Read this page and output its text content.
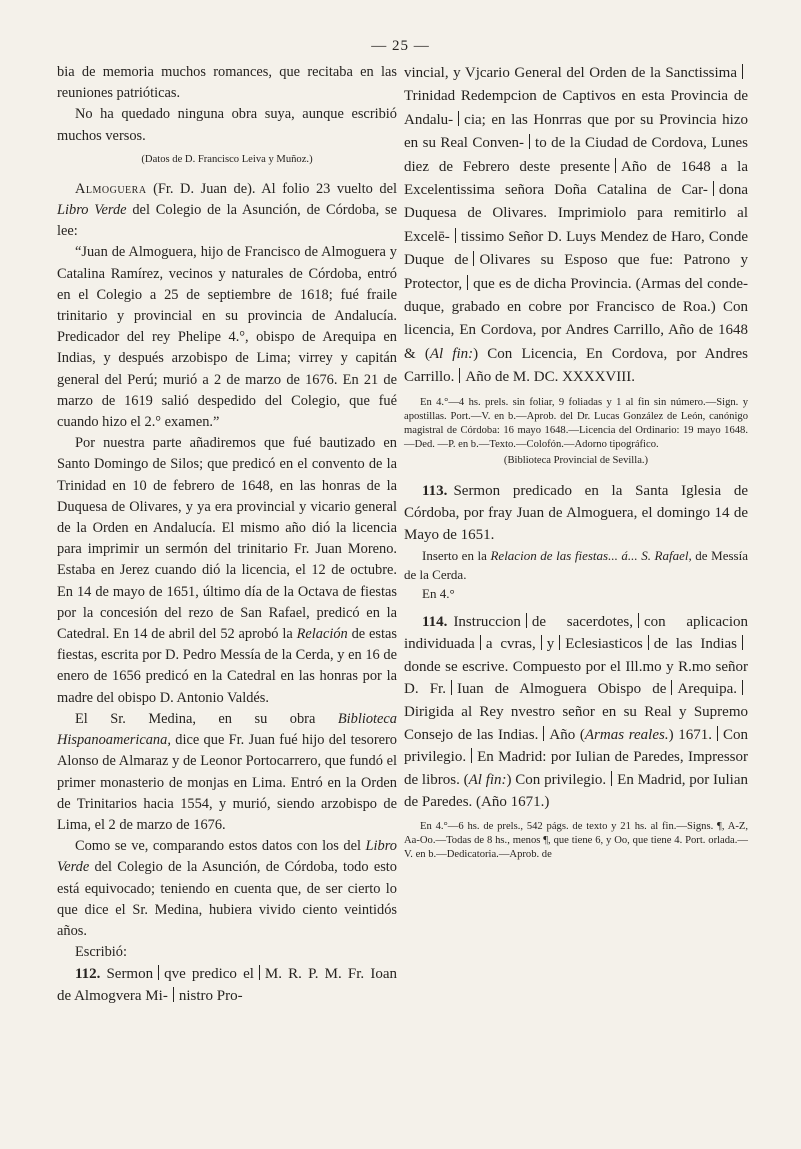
— 25 —

bia de memoria muchos romances, que recitaba en las reuniones patrióticas.

No ha quedado ninguna obra suya, aunque escribió muchos versos.

(Datos de D. Francisco Leiva y Muñoz.)

Almoguera (Fr. D. Juan de). Al folio 23 vuelto del Libro Verde del Colegio de la Asunción, de Córdoba, se lee:

“Juan de Almoguera, hijo de Francisco de Almoguera y Catalina Ramírez, vecinos y naturales de Córdoba, entró en el Colegio a 25 de septiembre de 1618; fué fraile trinitario y provincial en su provincia de Andalucía. Predicador del rey Phelipe 4.°, obispo de Arequipa en Indias, y después arzobispo de Lima; virrey y capitán general del Perú; murió a 2 de marzo de 1676. En 21 de marzo de 1619 salió despedido del Colegio, que fué cuando hizo el 2.° examen.”

Por nuestra parte añadiremos que fué bautizado en Santo Domingo de Silos; que predicó en el convento de la Trinidad en 10 de febrero de 1648, en las honras de la Duquesa de Olivares, y ya era provincial y vicario general de la Orden en Andalucía. El mismo año dió la licencia para imprimir un sermón del trinitario Fr. Juan Moreno. Estaba en Jerez cuando dió la licencia, el 12 de octubre. En 14 de mayo de 1651, último día de la Octava de fiestas por la concesión del rezo de San Rafael, predicó en la Catedral. En 14 de abril del 52 aprobó la Relación de estas fiestas, escrita por D. Pedro Messía de la Cerda, y en 16 de enero de 1656 predicó en la Catedral en las honras por la madre del obispo D. Antonio Valdés.

El Sr. Medina, en su obra Biblioteca Hispanoamericana, dice que Fr. Juan fué hijo del tesorero Alonso de Almaraz y de Leonor Portocarrero, que fundó el primer monasterio de monjas en Lima. Entró en la Orden de Trinitarios hacia 1554, y murió, siendo arzobispo de Lima, el 2 de marzo de 1676.

Como se ve, comparando estos datos con los del Libro Verde del Colegio de la Asunción, de Córdoba, todo esto está equivocado; teniendo en cuenta que, de ser cierto lo que dice el Sr. Medina, hubiera vivido ciento veintidós años.

Escribió:

112. Sermon qve predico el M. R. P. M. Fr. Ioan de Almogvera Mi- nistro Pro-

vincial, y Vjcario General del Orden de la SanctissimaTrinidad Redempcion de Captivos en esta Provincia de Andalu- cia; en las Honrras que por su Provincia hizo en su Real Conven- to de la Ciudad de Cordova, Lunes diez de Febrero deste presente Año de 1648 a la Excelentissima señora Doña Catalina de Car- dona Duquesa de Olivares. Imprimiolo para remitirlo al Excelē- tissimo Señor D. Luys Mendez de Haro, Conde Duque de Olivares su Esposo que fue: Patrono y Protector, que es de dicha Provincia. (Armas del conde-duque, grabado en cobre por Francisco de Roa.) Con licencia, En Cordova, por Andres Carrillo, Año de 1648 & (Al fin:) Con Licencia, En Cordova, por Andres Carrillo. Año de M. DC. XXXXVIII.

En 4.°—4 hs. prels. sin foliar, 9 foliadas y 1 al fin sin número.—Sign. y apostillas. Port.—V. en b.—Aprob. del Dr. Lucas González de León, canónigo magistral de Córdoba: 16 mayo 1648.—Licencia del Ordinario: 19 mayo 1648.—Ded. —P. en b.—Texto.—Colofón.—Adorno tipográfico.

(Biblioteca Provincial de Sevilla.)

113. Sermon predicado en la Santa Iglesia de Córdoba, por fray Juan de Almoguera, el domingo 14 de Mayo de 1651.

Inserto en la Relacion de las fiestas... á... S. Rafael, de Messía de la Cerda.

En 4.°

114. Instruccion de sacerdotes, con aplicacion individuada a cvras, y Eclesiasticos de las Indiasdonde se escrive. Compuesto por el Ill.mo y R.mo señor D. Fr. Iuan de Almoguera Obispo de Arequipa.Dirigida al Rey nvestro señor en su Real y Supremo Consejo de las Indias. Año (Armas reales.) 1671. Con privilegio. En Madrid: por Iulian de Paredes, Impressor de libros. (Al fin:) Con privilegio. En Madrid, por Iulian de Paredes. (Año 1671.)

En 4.°—6 hs. de prels., 542 págs. de texto y 21 hs. al fin.—Signs. ¶, A-Z, Aa-Oo.—Todas de 8 hs., menos ¶, que tiene 6, y Oo, que tiene 4. Port. orlada.—V. en b.—Dedicatoria.—Aprob. de
